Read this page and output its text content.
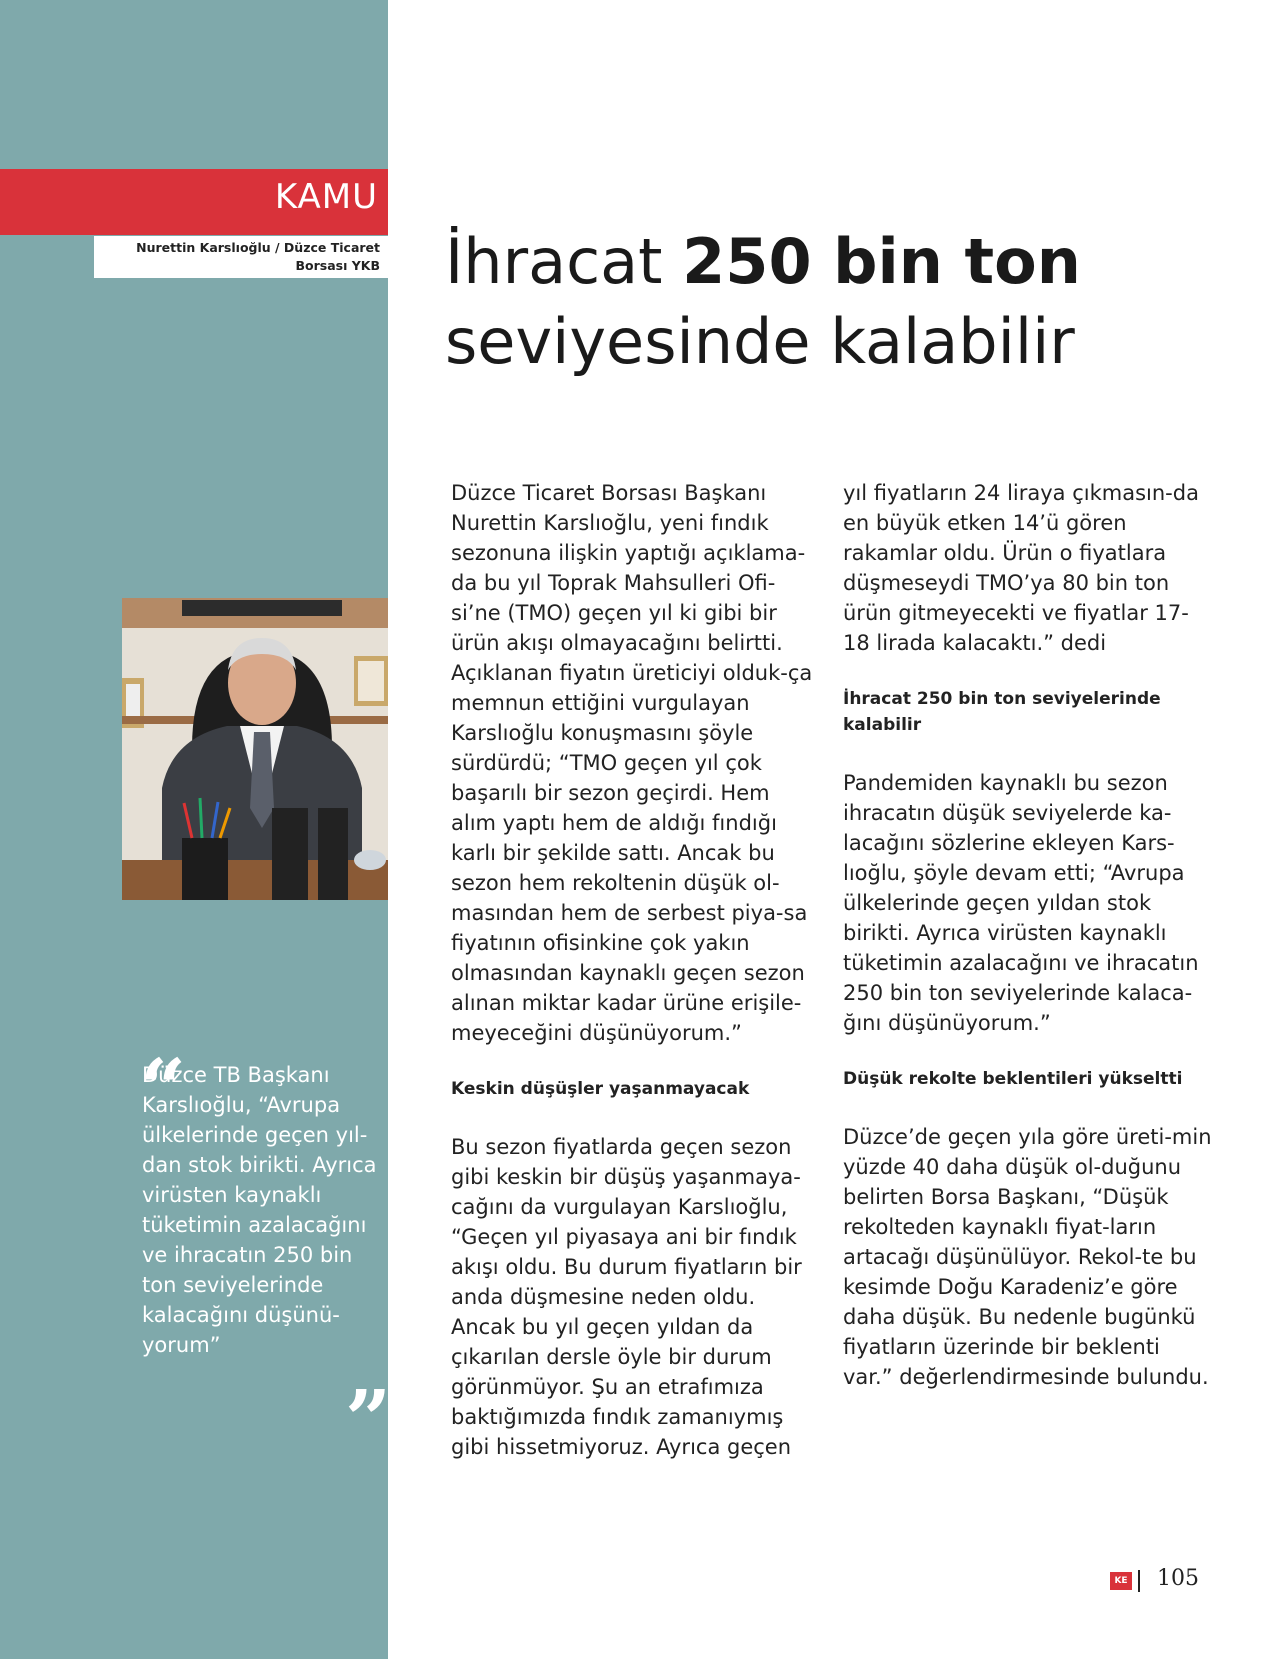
KAMU
Nurettin Karslıoğlu / Düzce Ticaret
Borsası YKB İhracat 250 bin ton
seviyesinde kalabilir
“
Düzce TB Başkanı Karslıoğlu, “Avrupa ülkelerinde geçen yıl-dan stok birikti. Ayrıca virüsten kaynaklı tüketimin azalacağını ve ihracatın 250 bin ton seviyelerinde kalacağını düşünü-yorum”
”

Düzce Ticaret Borsası Başkanı Nurettin Karslıoğlu, yeni fındık sezonuna ilişkin yaptığı açıklama-da bu yıl Toprak Mahsulleri Ofi-si’ne (TMO) geçen yıl ki gibi bir ürün akışı olmayacağını belirtti. Açıklanan fiyatın üreticiyi olduk-ça memnun ettiğini vurgulayan Karslıoğlu konuşmasını şöyle sürdürdü; “TMO geçen yıl çok başarılı bir sezon geçirdi. Hem alım yaptı hem de aldığı fındığı karlı bir şekilde sattı. Ancak bu sezon hem rekoltenin düşük ol-masından hem de serbest piya-sa fiyatının ofisinkine çok yakın olmasından kaynaklı geçen sezon alınan miktar kadar ürüne erişile-meyeceğini düşünüyorum.”

Keskin düşüşler yaşanmayacak

Bu sezon fiyatlarda geçen sezon gibi keskin bir düşüş yaşanmaya-cağını da vurgulayan Karslıoğlu, “Geçen yıl piyasaya ani bir fındık akışı oldu. Bu durum fiyatların bir anda düşmesine neden oldu. Ancak bu yıl geçen yıldan da çıkarılan dersle öyle bir durum görünmüyor. Şu an etrafımıza baktığımızda fındık zamanıymış gibi hissetmiyoruz. Ayrıca geçen

yıl fiyatların 24 liraya çıkmasın-da en büyük etken 14’ü gören rakamlar oldu. Ürün o fiyatlara düşmeseydi TMO’ya 80 bin ton ürün gitmeyecekti ve fiyatlar 17-18 lirada kalacaktı.” dedi

İhracat 250 bin ton seviyelerinde kalabilir

Pandemiden kaynaklı bu sezon ihracatın düşük seviyelerde ka-lacağını sözlerine ekleyen Kars-lıoğlu, şöyle devam etti; “Avrupa ülkelerinde geçen yıldan stok birikti. Ayrıca virüsten kaynaklı tüketimin azalacağını ve ihracatın 250 bin ton seviyelerinde kalaca-ğını düşünüyorum.”

Düşük rekolte beklentileri yükseltti

Düzce’de geçen yıla göre üreti-min yüzde 40 daha düşük ol-duğunu belirten Borsa Başkanı, “Düşük rekolteden kaynaklı fiyat-ların artacağı düşünülüyor. Rekol-te bu kesimde Doğu Karadeniz’e göre daha düşük. Bu nedenle bugünkü fiyatların üzerinde bir beklenti var.” değerlendirmesinde bulundu.

KE 105
